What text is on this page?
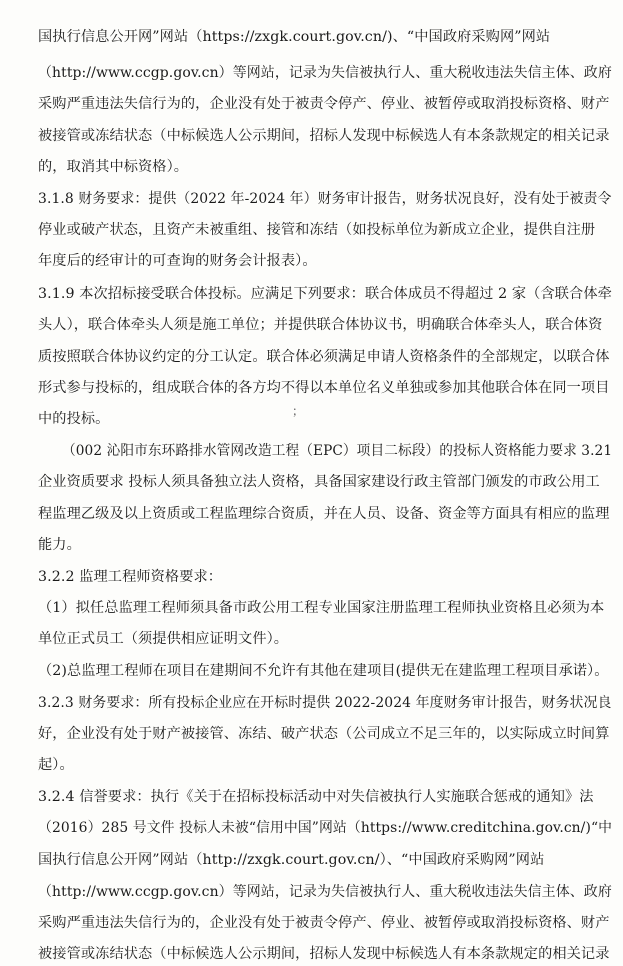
国执行信息公开网”网站（https://zxgk.court.gov.cn/)、“中国政府采购网”网站
（http://www.ccgp.gov.cn）等网站，记录为失信被执行人、重大税收违法失信主体、政府
采购严重违法失信行为的，企业没有处于被责令停产、停业、被暂停或取消投标资格、财产
被接管或冻结状态（中标候选人公示期间，招标人发现中标候选人有本条款规定的相关记录
的，取消其中标资格）。
3.1.8 财务要求：提供（2022 年-2024 年）财务审计报告，财务状况良好，没有处于被责令
停业或破产状态，且资产未被重组、接管和冻结（如投标单位为新成立企业，提供自注册
年度后的经审计的可查询的财务会计报表）。
3.1.9 本次招标接受联合体投标。应满足下列要求：联合体成员不得超过 2 家（含联合体牵
头人），联合体牵头人须是施工单位；并提供联合体协议书，明确联合体牵头人，联合体资
质按照联合体协议约定的分工认定。联合体必须满足申请人资格条件的全部规定，以联合体
形式参与投标的，组成联合体的各方均不得以本单位名义单独或参加其他联合体在同一项目
中的投标。
（002 沁阳市东环路排水管网改造工程（EPC）项目二标段）的投标人资格能力要求 3.21
企业资质要求 投标人须具备独立法人资格，具备国家建设行政主管部门颁发的市政公用工
程监理乙级及以上资质或工程监理综合资质，并在人员、设备、资金等方面具有相应的监理
能力。
3.2.2 监理工程师资格要求：
（1）拟任总监理工程师须具备市政公用工程专业国家注册监理工程师执业资格且必须为本
单位正式员工（须提供相应证明文件）。
（2)总监理工程师在项目在建期间不允许有其他在建项目(提供无在建监理工程项目承诺）。
3.2.3 财务要求：所有投标企业应在开标时提供 2022-2024 年度财务审计报告，财务状况良
好，企业没有处于财产被接管、冻结、破产状态（公司成立不足三年的，以实际成立时间算
起）。
3.2.4 信誉要求：执行《关于在招标投标活动中对失信被执行人实施联合惩戒的通知》法
（2016）285 号文件 投标人未被“信用中国”网站（https://www.creditchina.gov.cn/)“中
国执行信息公开网”网站（http://zxgk.court.gov.cn/）、“中国政府采购网”网站
（http://www.ccgp.gov.cn）等网站，记录为失信被执行人、重大税收违法失信主体、政府
采购严重违法失信行为的，企业没有处于被责令停产、停业、被暂停或取消投标资格、财产
被接管或冻结状态（中标候选人公示期间，招标人发现中标候选人有本条款规定的相关记录
；
